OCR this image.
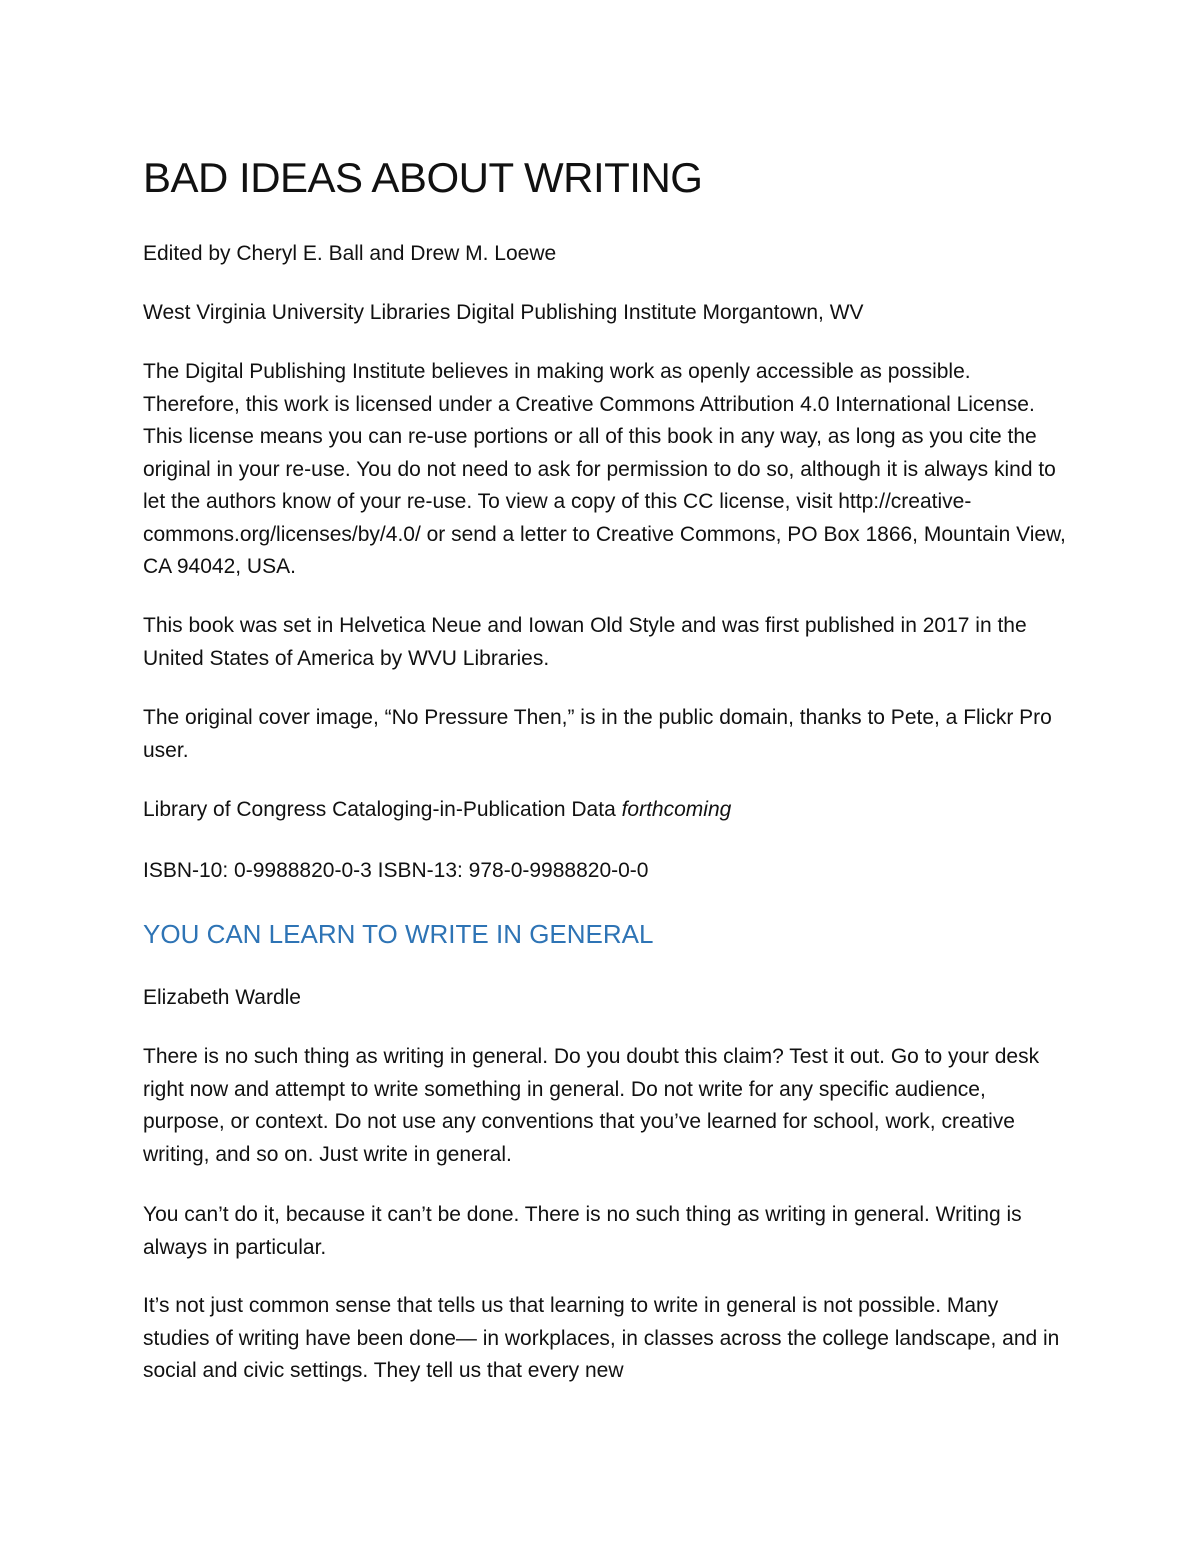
BAD IDEAS ABOUT WRITING

Edited by Cheryl E. Ball and Drew M. Loewe

West Virginia University Libraries Digital Publishing Institute Morgantown, WV

The Digital Publishing Institute believes in making work as openly accessible as possible. Therefore, this work is licensed under a Creative Commons Attribution 4.0 International License. This license means you can re-use portions or all of this book in any way, as long as you cite the original in your re-use. You do not need to ask for permission to do so, although it is always kind to let the authors know of your re-use. To view a copy of this CC license, visit http://creative-commons.org/licenses/by/4.0/ or send a letter to Creative Commons, PO Box 1866, Mountain View, CA 94042, USA.

This book was set in Helvetica Neue and Iowan Old Style and was first published in 2017 in the United States of America by WVU Libraries.

The original cover image, “No Pressure Then,” is in the public domain, thanks to Pete, a Flickr Pro user.

Library of Congress Cataloging-in-Publication Data forthcoming

ISBN-10: 0-9988820-0-3 ISBN-13: 978-0-9988820-0-0

YOU CAN LEARN TO WRITE IN GENERAL

Elizabeth Wardle

There is no such thing as writing in general. Do you doubt this claim? Test it out. Go to your desk right now and attempt to write something in general. Do not write for any specific audience, purpose, or context. Do not use any conventions that you’ve learned for school, work, creative writing, and so on. Just write in general.

You can’t do it, because it can’t be done. There is no such thing as writing in general. Writing is always in particular.

It’s not just common sense that tells us that learning to write in general is not possible. Many studies of writing have been done— in workplaces, in classes across the college landscape, and in social and civic settings. They tell us that every new
